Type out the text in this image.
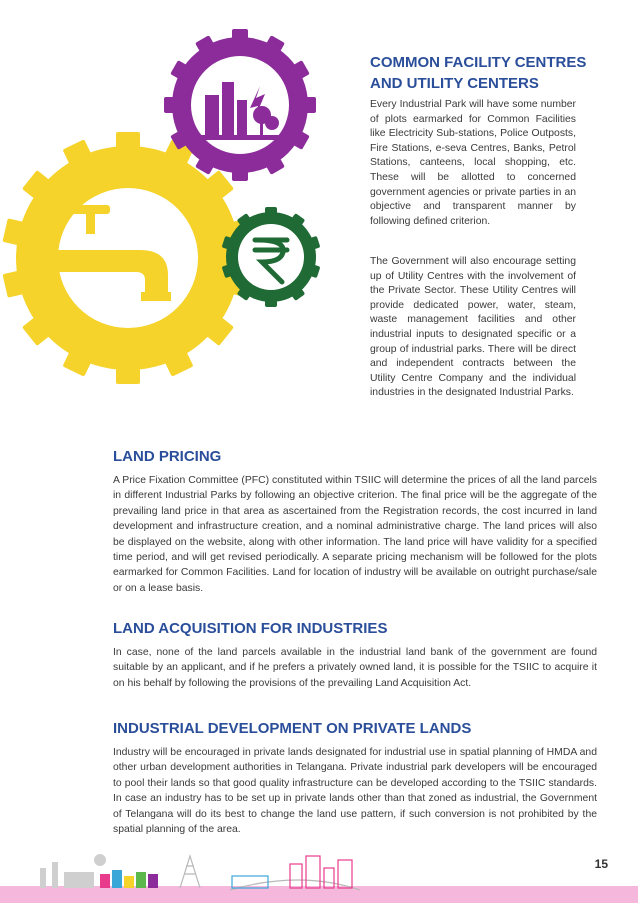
COMMON FACILITY CENTRES
AND UTILITY CENTERS

Every Industrial Park will have some number of plots earmarked for Common Facilities like Electricity Sub-stations, Police Outposts, Fire Stations, e-seva Centres, Banks, Petrol Stations, canteens, local shopping, etc. These will be allotted to concerned government agencies or private parties in an objective and transparent manner by following defined criterion.

The Government will also encourage setting up of Utility Centres with the involvement of the Private Sector. These Utility Centres will provide dedicated power, water, steam, waste management facilities and other industrial inputs to designated specific or a group of industrial parks. There will be direct and independent contracts between the Utility Centre Company and the individual industries in the designated Industrial Parks.

LAND PRICING

A Price Fixation Committee (PFC) constituted within TSIIC will determine the prices of all the land parcels in different Industrial Parks by following an objective criterion. The final price will be the aggregate of the prevailing land price in that area as ascertained from the Registration records, the cost incurred in land development and infrastructure creation, and a nominal administrative charge. The land prices will also be displayed on the website, along with other information. The land price will have validity for a specified time period, and will get revised periodically. A separate pricing mechanism will be followed for the plots earmarked for Common Facilities. Land for location of industry will be available on outright purchase/sale or on a lease basis.

LAND ACQUISITION FOR INDUSTRIES

In case, none of the land parcels available in the industrial land bank of the government are found suitable by an applicant, and if he prefers a privately owned land, it is possible for the TSIIC to acquire it on his behalf by following the provisions of the prevailing Land Acquisition Act.

INDUSTRIAL DEVELOPMENT ON PRIVATE LANDS

Industry will be encouraged in private lands designated for industrial use in spatial planning of HMDA and other urban development authorities in Telangana. Private industrial park developers will be encouraged to pool their lands so that good quality infrastructure can be developed according to the TSIIC standards. In case an industry has to be set up in private lands other than that zoned as industrial, the Government of Telangana will do its best to change the land use pattern, if such conversion is not prohibited by the spatial planning of the area.

15
